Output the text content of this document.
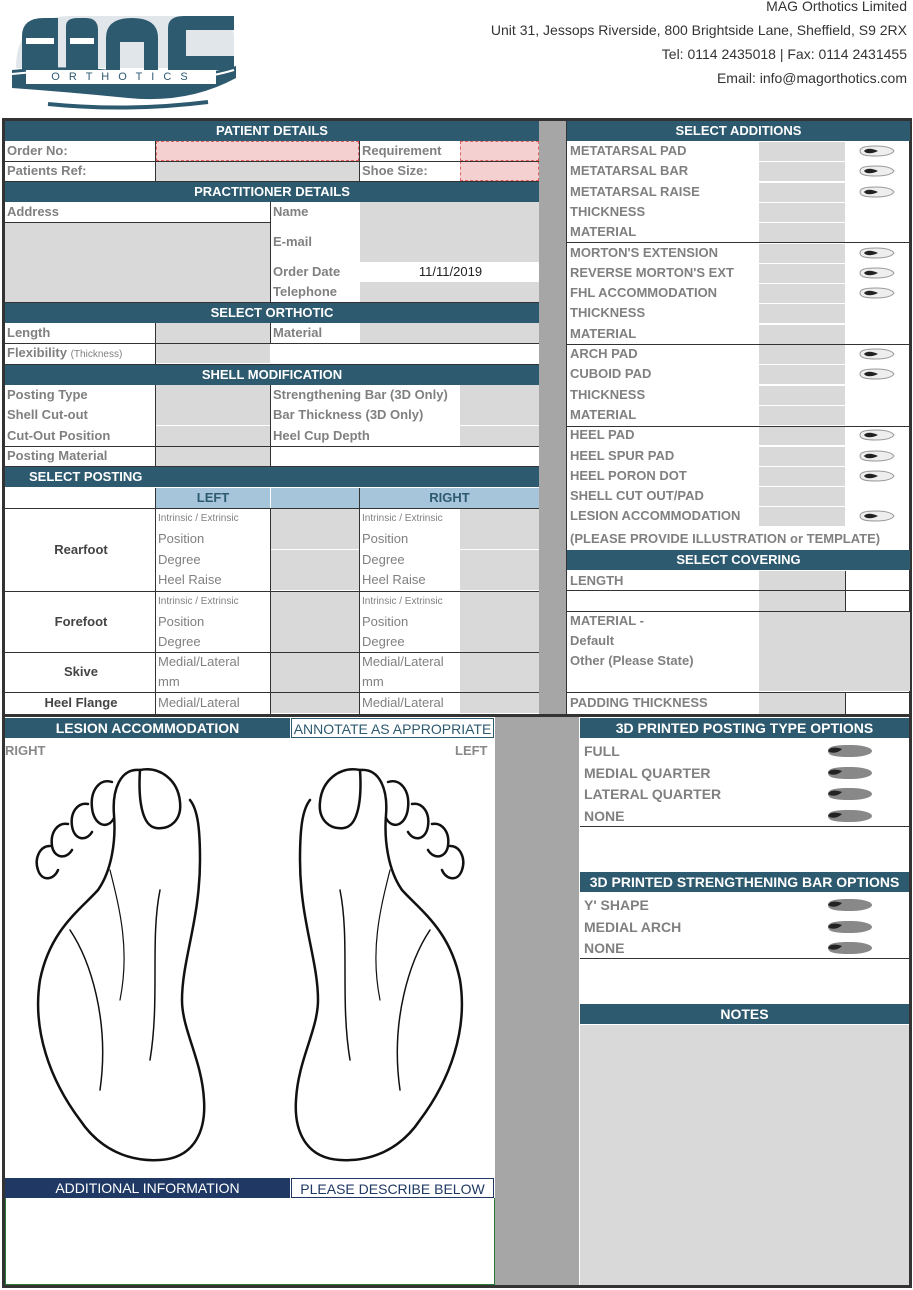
O R T H O T I C S
MAG Orthotics Limited
Unit 31, Jessops Riverside, 800 Brightside Lane, Sheffield, S9 2RX
Tel: 0114 2435018 | Fax: 0114 2431455
Email: info@magorthotics.com
PATIENT DETAILS
Order No:	Requirement
Patients Ref:	Shoe Size:
PRACTITIONER DETAILS
Address	Name
E-mail
Order Date	11/11/2019
Telephone
SELECT ORTHOTIC
Length	Material
Flexibility (Thickness)
SHELL MODIFICATION
Posting Type	Strengthening Bar (3D Only)
Shell Cut-out	Bar Thickness (3D Only)
Cut-Out Position	Heel Cup Depth
Posting Material
SELECT POSTING
LEFT	RIGHT
Rearfoot
Intrinsic / Extrinsic	Intrinsic / Extrinsic
Position	Position
Degree	Degree
Heel Raise	Heel Raise
Forefoot
Intrinsic / Extrinsic	Intrinsic / Extrinsic
Position	Position
Degree	Degree
Skive
Medial/Lateral	Medial/Lateral
mm	mm
Heel Flange	Medial/Lateral	Medial/Lateral
SELECT ADDITIONS
METATARSAL PAD
METATARSAL BAR
METATARSAL RAISE
THICKNESS
MATERIAL
MORTON'S EXTENSION
REVERSE MORTON'S EXT
FHL ACCOMMODATION
THICKNESS
MATERIAL
ARCH PAD
CUBOID PAD
THICKNESS
MATERIAL
HEEL PAD
HEEL SPUR PAD
HEEL PORON DOT
SHELL CUT OUT/PAD
LESION ACCOMMODATION
(PLEASE PROVIDE ILLUSTRATION or TEMPLATE)
SELECT COVERING
LENGTH
MATERIAL -
Default
Other (Please State)
PADDING THICKNESS
LESION ACCOMMODATION	ANNOTATE AS APPROPRIATE
RIGHT	LEFT
ADDITIONAL INFORMATION	PLEASE DESCRIBE BELOW
3D PRINTED POSTING TYPE OPTIONS
FULL
MEDIAL QUARTER
LATERAL QUARTER
NONE
3D PRINTED STRENGTHENING BAR OPTIONS
Y' SHAPE
MEDIAL ARCH
NONE
NOTES
